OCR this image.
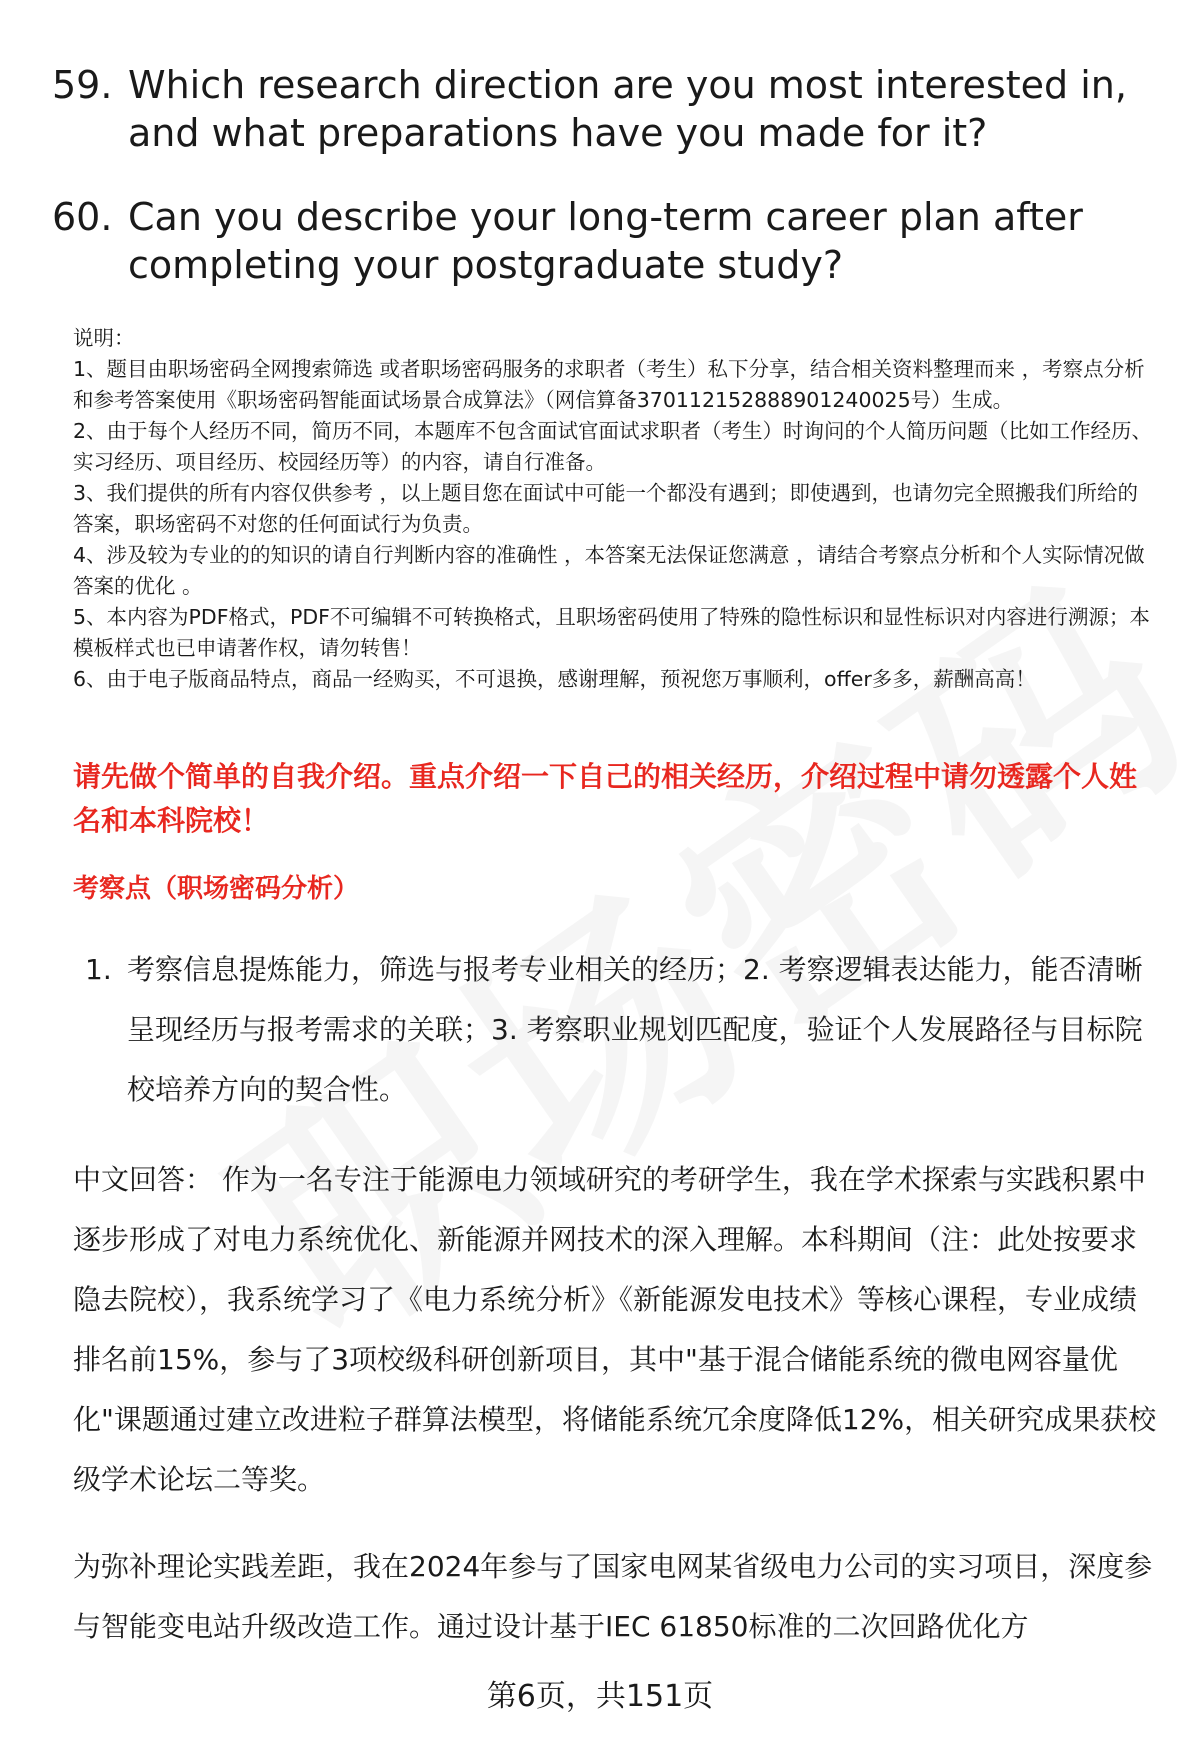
59. Which research direction are you most interested in, and what preparations have you made for it?
60. Can you describe your long-term career plan after completing your postgraduate study?
说明：
1、题目由职场密码全网搜索筛选 或者职场密码服务的求职者（考生）私下分享，结合相关资料整理而来 ，考察点分析和参考答案使用《职场密码智能面试场景合成算法》（网信算备370112152888901240025号）生成。
2、由于每个人经历不同，简历不同，本题库不包含面试官面试求职者（考生）时询问的个人简历问题（比如工作经历、实习经历、项目经历、校园经历等）的内容，请自行准备。
3、我们提供的所有内容仅供参考 ，以上题目您在面试中可能一个都没有遇到；即使遇到，也请勿完全照搬我们所给的答案，职场密码不对您的任何面试行为负责。
4、涉及较为专业的的知识的请自行判断内容的准确性 ，本答案无法保证您满意 ，请结合考察点分析和个人实际情况做答案的优化 。
5、本内容为PDF格式，PDF不可编辑不可转换格式，且职场密码使用了特殊的隐性标识和显性标识对内容进行溯源；本模板样式也已申请著作权，请勿转售！
6、由于电子版商品特点，商品一经购买，不可退换，感谢理解，预祝您万事顺利，offer多多，薪酬高高！
请先做个简单的自我介绍。重点介绍一下自己的相关经历，介绍过程中请勿透露个人姓名和本科院校！
考察点（职场密码分析）
1. 考察信息提炼能力，筛选与报考专业相关的经历；2. 考察逻辑表达能力，能否清晰呈现经历与报考需求的关联；3. 考察职业规划匹配度，验证个人发展路径与目标院校培养方向的契合性。
中文回答： 作为一名专注于能源电力领域研究的考研学生，我在学术探索与实践积累中逐步形成了对电力系统优化、新能源并网技术的深入理解。本科期间（注：此处按要求隐去院校），我系统学习了《电力系统分析》《新能源发电技术》等核心课程，专业成绩排名前15%，参与了3项校级科研创新项目，其中"基于混合储能系统的微电网容量优化"课题通过建立改进粒子群算法模型，将储能系统冗余度降低12%，相关研究成果获校级学术论坛二等奖。
为弥补理论实践差距，我在2024年参与了国家电网某省级电力公司的实习项目，深度参与智能变电站升级改造工作。通过设计基于IEC 61850标准的二次回路优化方
第6页，共151页
